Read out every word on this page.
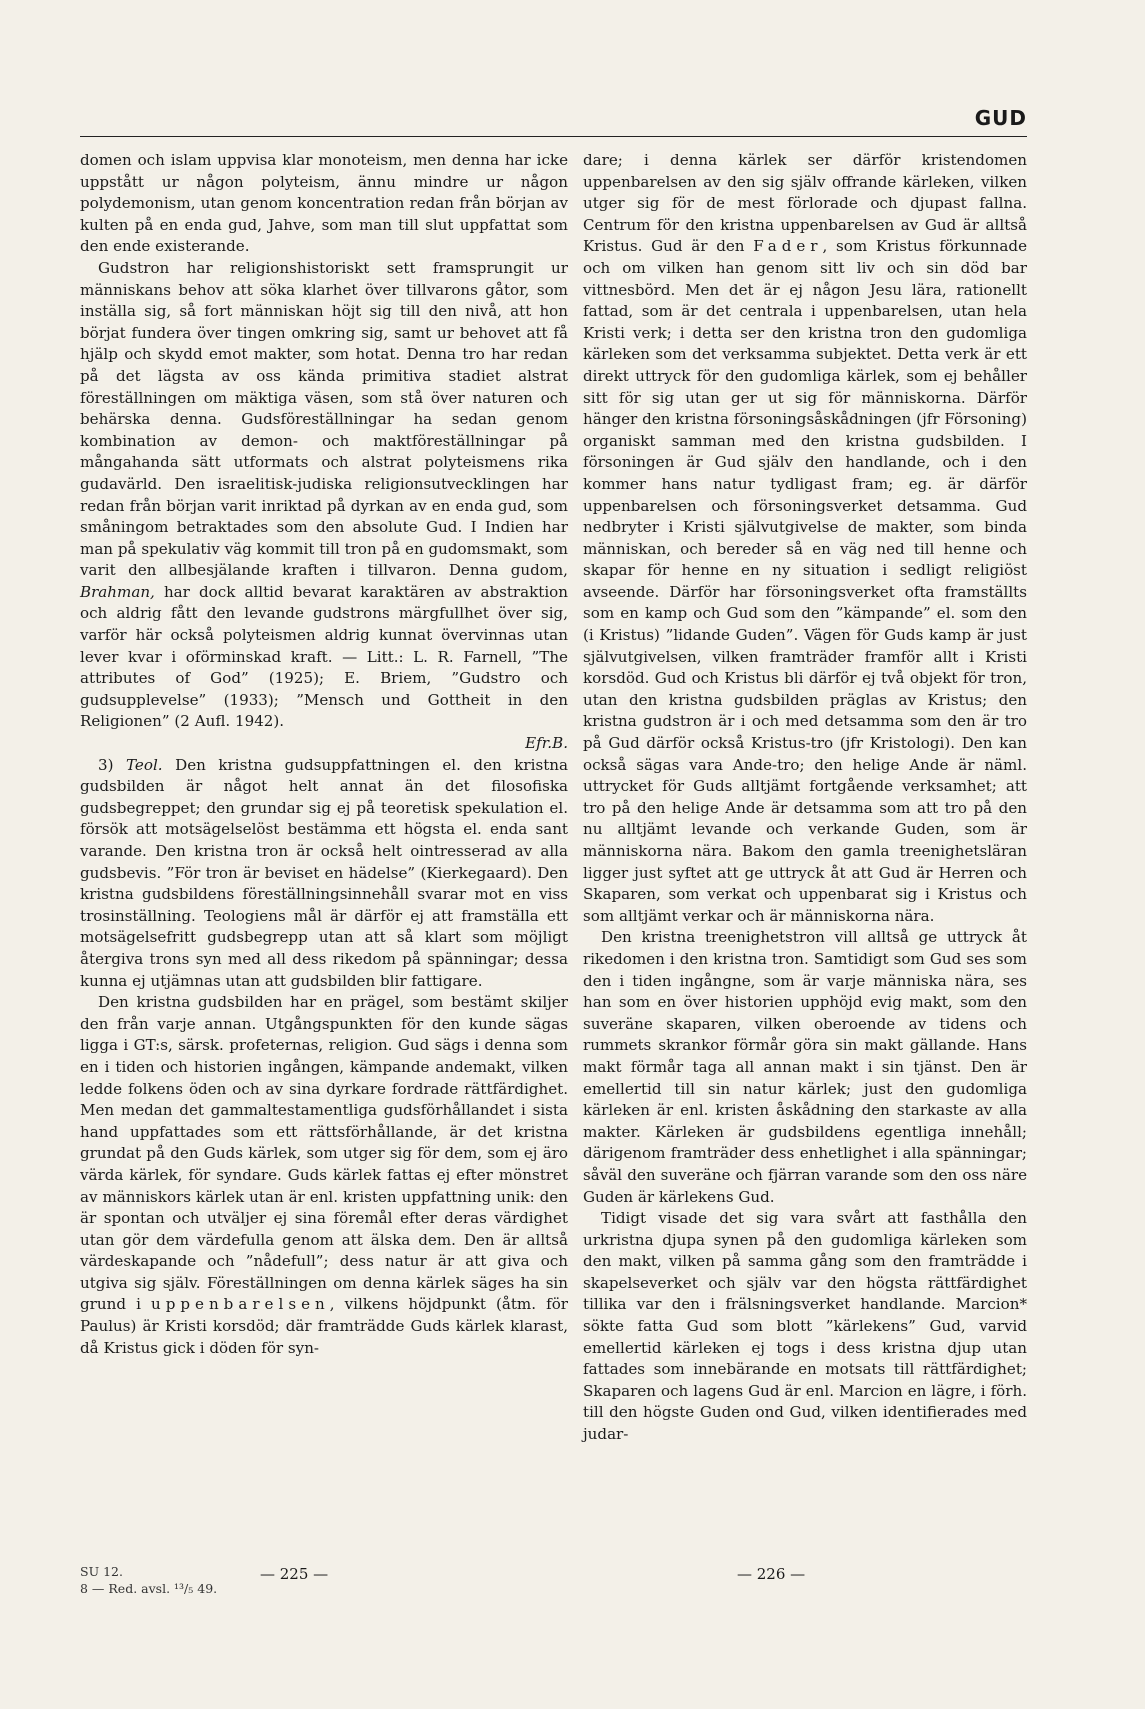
GUD

domen och islam uppvisa klar monoteism, men denna har icke uppstått ur någon polyteism, ännu mindre ur någon polydemonism, utan genom koncentration redan från början av kulten på en enda gud, Jahve, som man till slut uppfattat som den ende existerande.

Gudstron har religionshistoriskt sett framsprungit ur människans behov att söka klarhet över tillvarons gåtor, som inställa sig, så fort människan höjt sig till den nivå, att hon börjat fundera över tingen omkring sig, samt ur behovet att få hjälp och skydd emot makter, som hotat. Denna tro har redan på det lägsta av oss kända primitiva stadiet alstrat föreställningen om mäktiga väsen, som stå över naturen och behärska denna. Gudsföreställningar ha sedan genom kombination av demon- och maktföreställningar på mångahanda sätt utformats och alstrat polyteismens rika gudavärld. Den israelitisk-judiska religionsutvecklingen har redan från början varit inriktad på dyrkan av en enda gud, som småningom betraktades som den absolute Gud. I Indien har man på spekulativ väg kommit till tron på en gudomsmakt, som varit den allbesjälande kraften i tillvaron. Denna gudom, Brahman, har dock alltid bevarat karaktären av abstraktion och aldrig fått den levande gudstrons märgfullhet över sig, varför här också polyteismen aldrig kunnat övervinnas utan lever kvar i oförminskad kraft. — Litt.: L. R. Farnell, ”The attributes of God” (1925); E. Briem, ”Gudstro och gudsupplevelse” (1933); ”Mensch und Gottheit in den Religionen” (2 Aufl. 1942).
Efr.B.

3) Teol. Den kristna gudsuppfattningen el. den kristna gudsbilden är något helt annat än det filosofiska gudsbegreppet; den grundar sig ej på teoretisk spekulation el. försök att motsägelselöst bestämma ett högsta el. enda sant varande. Den kristna tron är också helt ointresserad av alla gudsbevis. ”För tron är beviset en hädelse” (Kierkegaard). Den kristna gudsbildens föreställningsinnehåll svarar mot en viss trosinställning. Teologiens mål är därför ej att framställa ett motsägelsefritt gudsbegrepp utan att så klart som möjligt återgiva trons syn med all dess rikedom på spänningar; dessa kunna ej utjämnas utan att gudsbilden blir fattigare.

Den kristna gudsbilden har en prägel, som bestämt skiljer den från varje annan. Utgångspunkten för den kunde sägas ligga i GT:s, särsk. profeternas, religion. Gud sägs i denna som en i tiden och historien ingången, kämpande andemakt, vilken ledde folkens öden och av sina dyrkare fordrade rättfärdighet. Men medan det gammaltestamentliga gudsförhållandet i sista hand uppfattades som ett rättsförhållande, är det kristna grundat på den Guds kärlek, som utger sig för dem, som ej äro värda kärlek, för syndare. Guds kärlek fattas ej efter mönstret av människors kärlek utan är enl. kristen uppfattning unik: den är spontan och utväljer ej sina föremål efter deras värdighet utan gör dem värdefulla genom att älska dem. Den är alltså värdeskapande och ”nådefull”; dess natur är att giva och utgiva sig själv. Föreställningen om denna kärlek säges ha sin grund i uppenbarelsen, vilkens höjdpunkt (åtm. för Paulus) är Kristi korsdöd; där framträdde Guds kärlek klarast, då Kristus gick i döden för syn-

dare; i denna kärlek ser därför kristendomen uppenbarelsen av den sig själv offrande kärleken, vilken utger sig för de mest förlorade och djupast fallna. Centrum för den kristna uppenbarelsen av Gud är alltså Kristus. Gud är den Fader, som Kristus förkunnade och om vilken han genom sitt liv och sin död bar vittnesbörd. Men det är ej någon Jesu lära, rationellt fattad, som är det centrala i uppenbarelsen, utan hela Kristi verk; i detta ser den kristna tron den gudomliga kärleken som det verksamma subjektet. Detta verk är ett direkt uttryck för den gudomliga kärlek, som ej behåller sitt för sig utan ger ut sig för människorna. Därför hänger den kristna försoningsåskådningen (jfr Försoning) organiskt samman med den kristna gudsbilden. I försoningen är Gud själv den handlande, och i den kommer hans natur tydligast fram; eg. är därför uppenbarelsen och försoningsverket detsamma. Gud nedbryter i Kristi självutgivelse de makter, som binda människan, och bereder så en väg ned till henne och skapar för henne en ny situation i sedligt religiöst avseende. Därför har försoningsverket ofta framställts som en kamp och Gud som den ”kämpande” el. som den (i Kristus) ”lidande Guden”. Vägen för Guds kamp är just självutgivelsen, vilken framträder framför allt i Kristi korsdöd. Gud och Kristus bli därför ej två objekt för tron, utan den kristna gudsbilden präglas av Kristus; den kristna gudstron är i och med detsamma som den är tro på Gud därför också Kristus-tro (jfr Kristologi). Den kan också sägas vara Ande-tro; den helige Ande är näml. uttrycket för Guds alltjämt fortgående verksamhet; att tro på den helige Ande är detsamma som att tro på den nu alltjämt levande och verkande Guden, som är människorna nära. Bakom den gamla treenighetsläran ligger just syftet att ge uttryck åt att Gud är Herren och Skaparen, som verkat och uppenbarat sig i Kristus och som alltjämt verkar och är människorna nära.

Den kristna treenighetstron vill alltså ge uttryck åt rikedomen i den kristna tron. Samtidigt som Gud ses som den i tiden ingångne, som är varje människa nära, ses han som en över historien upphöjd evig makt, som den suveräne skaparen, vilken oberoende av tidens och rummets skrankor förmår göra sin makt gällande. Hans makt förmår taga all annan makt i sin tjänst. Den är emellertid till sin natur kärlek; just den gudomliga kärleken är enl. kristen åskådning den starkaste av alla makter. Kärleken är gudsbildens egentliga innehåll; därigenom framträder dess enhetlighet i alla spänningar; såväl den suveräne och fjärran varande som den oss näre Guden är kärlekens Gud.

Tidigt visade det sig vara svårt att fasthålla den urkristna djupa synen på den gudomliga kärleken som den makt, vilken på samma gång som den framträdde i skapelseverket och själv var den högsta rättfärdighet tillika var den i frälsningsverket handlande. Marcion* sökte fatta Gud som blott ”kärlekens” Gud, varvid emellertid kärleken ej togs i dess kristna djup utan fattades som innebärande en motsats till rättfärdighet; Skaparen och lagens Gud är enl. Marcion en lägre, i förh. till den högste Guden ond Gud, vilken identifierades med judar-

SU 12.
8 — Red. avsl. ¹³/₅ 49.
— 225 —	— 226 —
